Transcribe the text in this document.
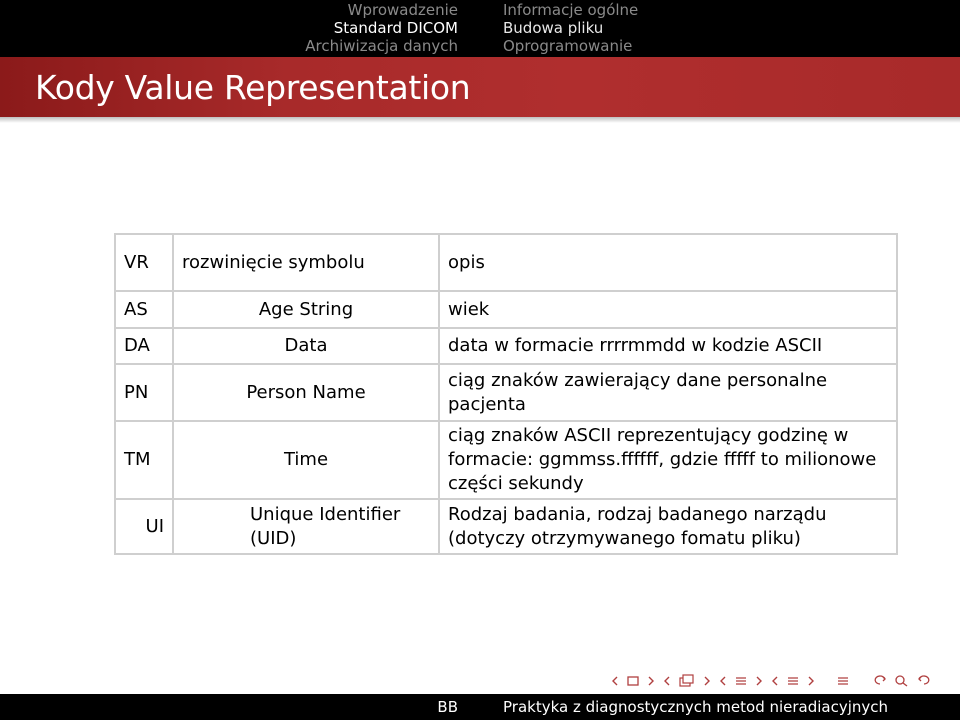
Wprowadzenie
Standard DICOM
Archiwizacja danych
Informacje ogólne
Budowa pliku
Oprogramowanie
Kody Value Representation
VR	rozwinięcie symbolu	opis
AS	Age String	wiek
DA	Data	data w formacie rrrrmmdd w kodzie ASCII
PN	Person Name	ciąg znaków zawierający dane personalne pacjenta
TM	Time	ciąg znaków ASCII reprezentujący godzinę w formacie: ggmmss.ffffff, gdzie fffff to milionowe części sekundy
UI	Unique Identifier (UID)	Rodzaj badania, rodzaj badanego narządu (dotyczy otrzymywanego fomatu pliku)
BB	Praktyka z diagnostycznych metod nieradiacyjnych
